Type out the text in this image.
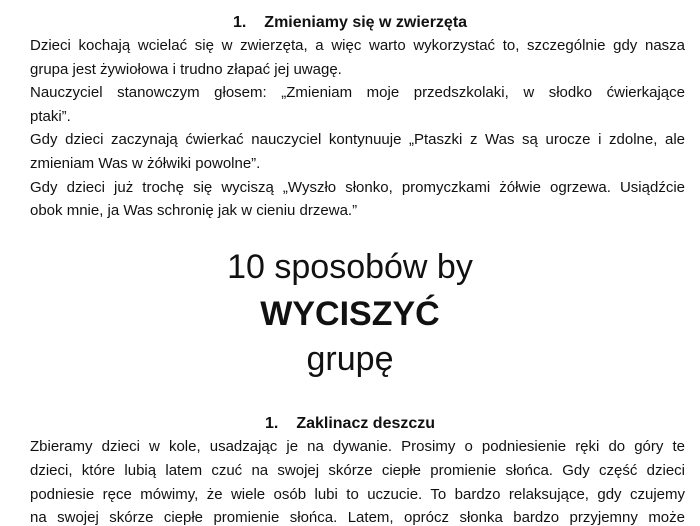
1. Zmieniamy się w zwierzęta
Dzieci kochają wcielać się w zwierzęta, a więc warto wykorzystać to, szczególnie gdy nasza
grupa jest żywiołowa i trudno złapać jej uwagę.
Nauczyciel stanowczym głosem: „Zmieniam moje przedszkolaki, w słodko ćwierkające
ptaki”.
Gdy dzieci zaczynają ćwierkać nauczyciel kontynuuje „Ptaszki z Was są urocze i zdolne, ale
zmieniam Was w żółwiki powolne”.
Gdy dzieci już trochę się wyciszą „Wyszło słonko, promyczkami żółwie ogrzewa. Usiądźcie
obok mnie, ja Was schronię jak w cieniu drzewa.”
10 sposobów by
WYCISZYĆ
grupę
1. Zaklinacz deszczu
Zbieramy dzieci w kole, usadzając je na dywanie. Prosimy o podniesienie ręki do góry te
dzieci, które lubią latem czuć na swojej skórze ciepłe promienie słońca. Gdy część dzieci
podniesie ręce mówimy, że wiele osób lubi to uczucie. To bardzo relaksujące, gdy czujemy
na swojej skórze ciepłe promienie słońca. Latem, oprócz słonka bardzo przyjemny może
